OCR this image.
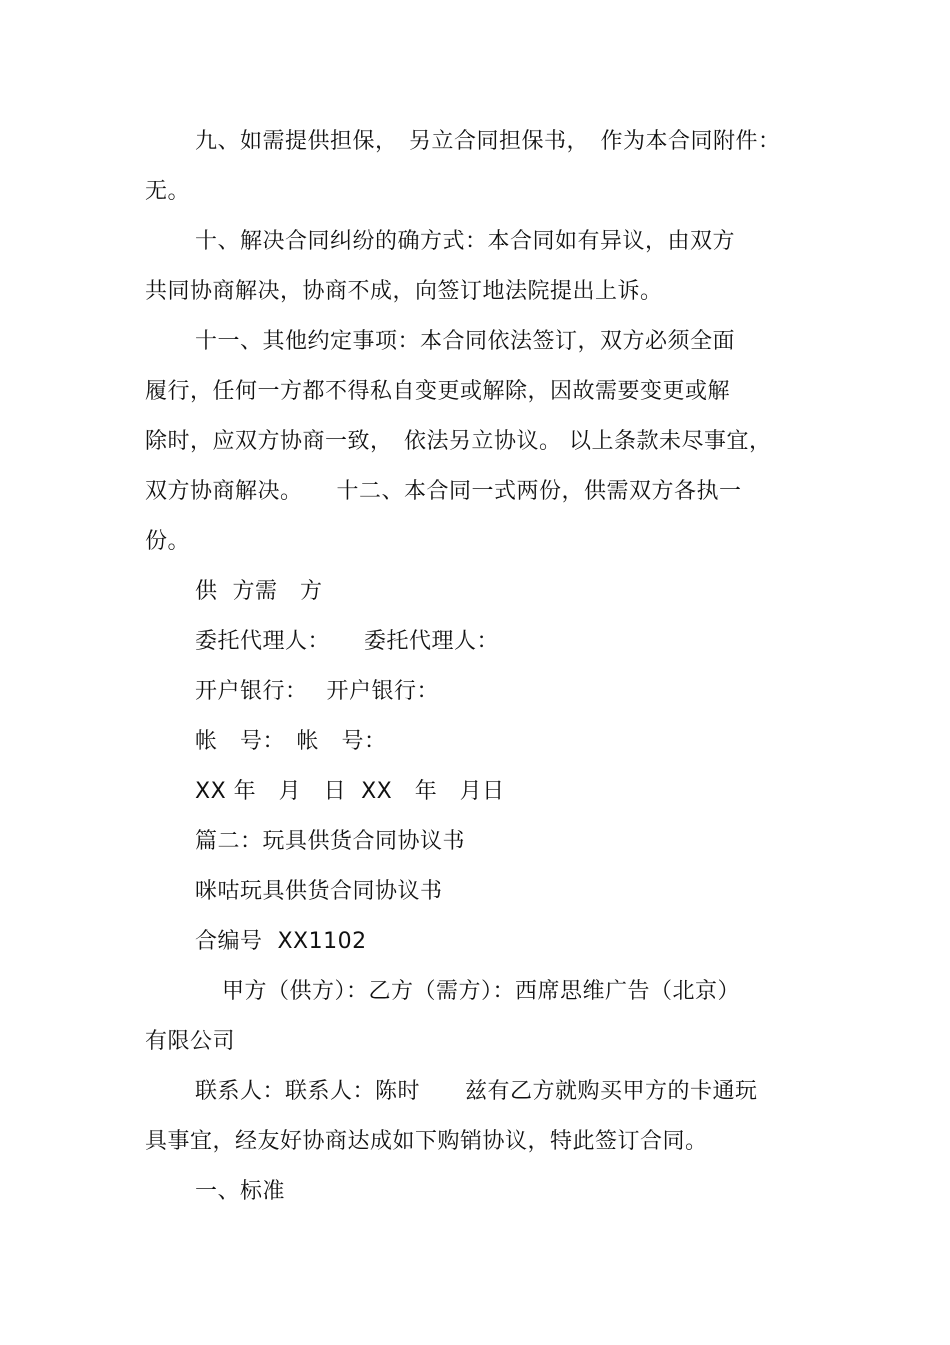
九、如需提供担保，　另立合同担保书，　作为本合同附件：
无。
十、解决合同纠纷的确方式：本合同如有异议，由双方
共同协商解决，协商不成，向签订地法院提出上诉。
十一、其他约定事项：本合同依法签订，双方必须全面
履行，任何一方都不得私自变更或解除，因故需要变更或解
除时，应双方协商一致，　依法另立协议。 以上条款未尽事宜，
双方协商解决。　　十二、本合同一式两份，供需双方各执一
份。
供  方需   方
委托代理人：　　委托代理人：
开户银行：　 开户银行：
帐   号：　帐   号：
XX 年   月   日  XX   年   月日
篇二：玩具供货合同协议书
咪咕玩具供货合同协议书
合编号  XX1102
甲方（供方）：乙方（需方）：西席思维广告（北京）
有限公司
联系人：联系人：陈时　　兹有乙方就购买甲方的卡通玩
具事宜，经友好协商达成如下购销协议，特此签订合同。
一、标准
